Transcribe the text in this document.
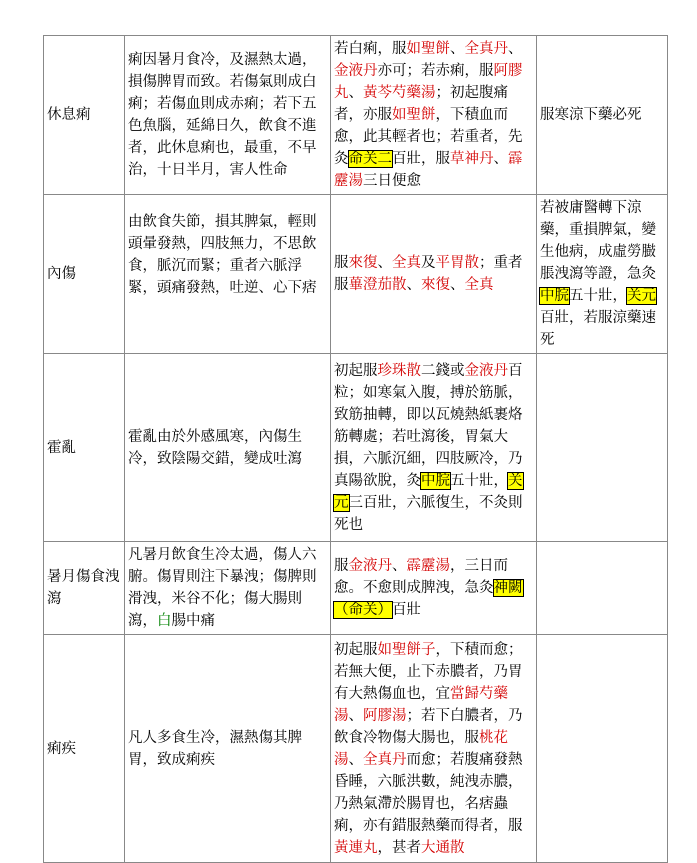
休息痢	痢因暑月食冷，及濕熱太過，損傷脾胃而致。若傷氣則成白痢；若傷血則成赤痢；若下五色魚腦，延綿日久，飲食不進者，此休息痢也，最重，不早治，十日半月，害人性命	若白痢，服如聖餅、全真丹、金液丹亦可；若赤痢，服阿膠丸、黃芩芍藥湯；初起腹痛者，亦服如聖餅，下積血而愈，此其輕者也；若重者，先灸命关二百壯，服草神丹、霹靂湯三日便愈	服寒涼下藥必死
內傷	由飲食失節，損其脾氣，輕則頭暈發熱，四肢無力，不思飲食，脈沉而緊；重者六脈浮緊，頭痛發熱，吐逆、心下痞	服來復、全真及平胃散；重者服蓽澄茄散、來復、全真	若被庸醫轉下涼藥，重損脾氣，變生他病，成虛勞臌脹洩瀉等證，急灸中脘五十壯，关元百壯，若服涼藥速死
霍亂	霍亂由於外感風寒，內傷生冷，致陰陽交錯，變成吐瀉	初起服珍珠散二錢或金液丹百粒；如寒氣入腹，搏於筋脈，致筋抽轉，即以瓦燒熱紙裹烙筋轉處；若吐瀉後，胃氣大損，六脈沉細，四肢厥冷，乃真陽欲脫，灸中脘五十壯，关元三百壯，六脈復生，不灸則死也	
暑月傷食洩瀉	凡暑月飲食生冷太過，傷人六腑。傷胃則注下暴洩；傷脾則滑洩，米谷不化；傷大腸則瀉，白腸中痛	服金液丹、霹靂湯，三日而愈。不愈則成脾洩，急灸神闕（命关）百壯	
痢疾	凡人多食生冷，濕熱傷其脾胃，致成痢疾	初起服如聖餅子，下積而愈；若無大便，止下赤膿者，乃胃有大熱傷血也，宜當歸芍藥湯、阿膠湯；若下白膿者，乃飲食冷物傷大腸也，服桃花湯、全真丹而愈；若腹痛發熱昏睡，六脈洪數，純洩赤膿，乃熱氣滯於腸胃也，名痞蟲痢，亦有錯服熱藥而得者，服黃連丸，甚者大通散	
